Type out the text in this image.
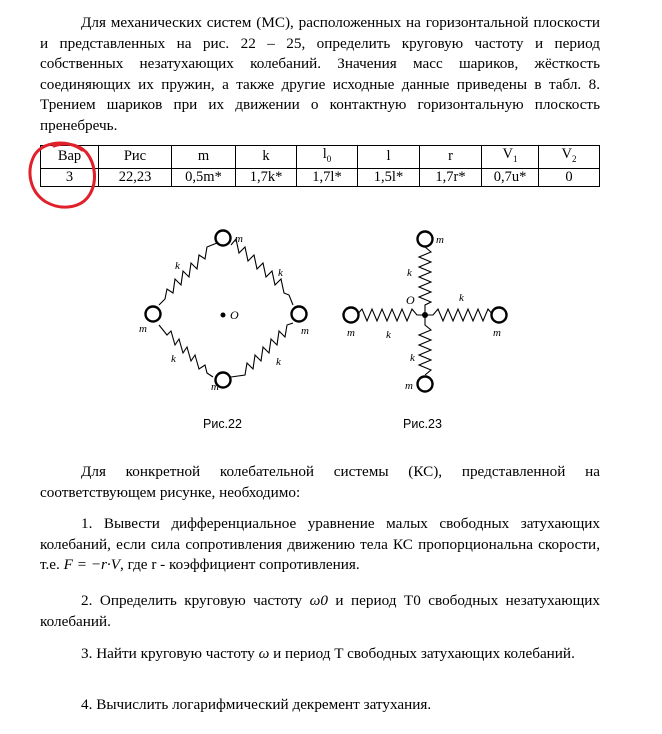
Для механических систем (МС), расположенных на горизонтальной плоскости и представленных на рис. 22 – 25, определить круговую частоту и период собственных незатухающих колебаний. Значения масс шариков, жёсткость соединяющих их пружин, а также другие исходные данные приведены в табл. 8. Трением шариков при их движении о контактную горизонтальную плоскость пренебречь.
Вар	Рис	m	k	$l_0$	l	r	$V_1$	$V_2$
3	22,23	0,5m*	1,7k*	1,7l*	1,5l*	1,7r*	0,7u*	0
m
m
m
m
k
k
k	k
O
Рис.22
m
m
m	m
k
k
k
k
O
Рис.23
Для конкретной колебательной системы (КС), представленной на соответствующем рисунке, необходимо:
1. Вывести дифференциальное уравнение малых свободных затухающих колебаний, если сила сопротивления движению тела КС пропорциональна скорости, т.е. F = −r·V, где r - коэффициент сопротивления.
2. Определить круговую частоту ω0 и период T0 свободных незатухающих колебаний.
3. Найти круговую частоту ω и период T свободных затухающих колебаний.
4. Вычислить логарифмический декремент затухания.
